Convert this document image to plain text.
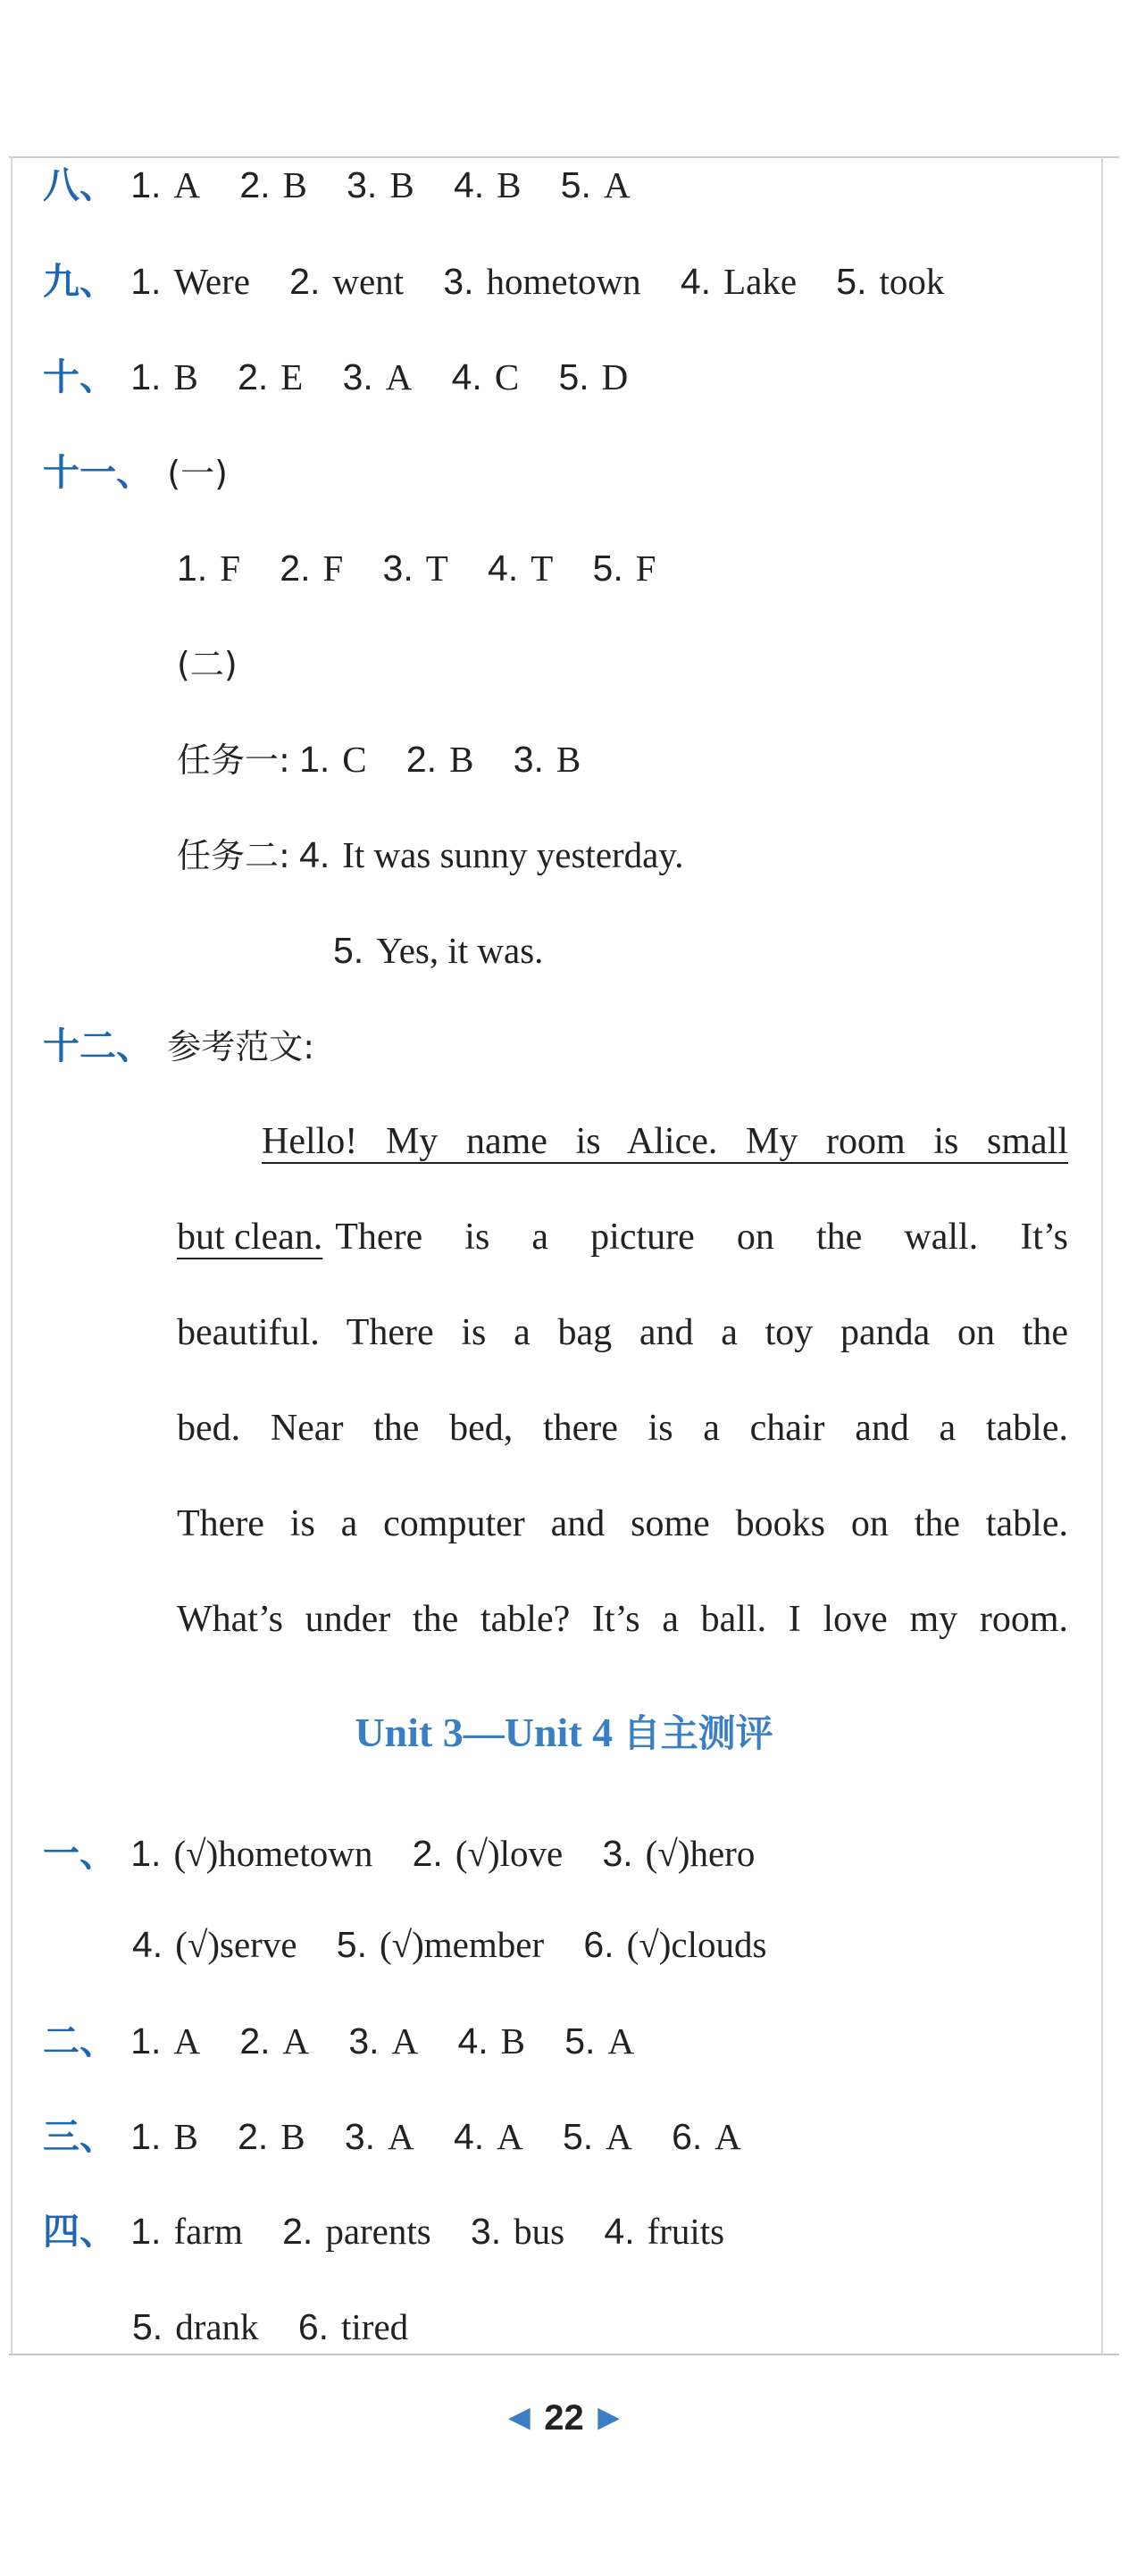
八、 1. A 2. B 3. B 4. B 5. A
九、 1. Were 2. went 3. hometown 4. Lake 5. took
十、 1. B 2. E 3. A 4. C 5. D
十一、 (一)
1. F 2. F 3. T 4. T 5. F
(二)
任务一: 1. C 2. B 3. B
任务二: 4. It was sunny yesterday.
5. Yes, it was.
十二、 参考范文:
Hello! My name is Alice. My room is small
but clean. There is a picture on the wall. It’s
beautiful. There is a bag and a toy panda on the
bed. Near the bed, there is a chair and a table.
There is a computer and some books on the table.
What’s under the table? It’s a ball. I love my room.
Unit 3—Unit 4 自主测评
一、 1. (√)hometown 2. (√)love 3. (√)hero
4. (√)serve 5. (√)member 6. (√)clouds
二、 1. A 2. A 3. A 4. B 5. A
三、 1. B 2. B 3. A 4. A 5. A 6. A
四、 1. farm 2. parents 3. bus 4. fruits
5. drank 6. tired
◀ 22 ▶
